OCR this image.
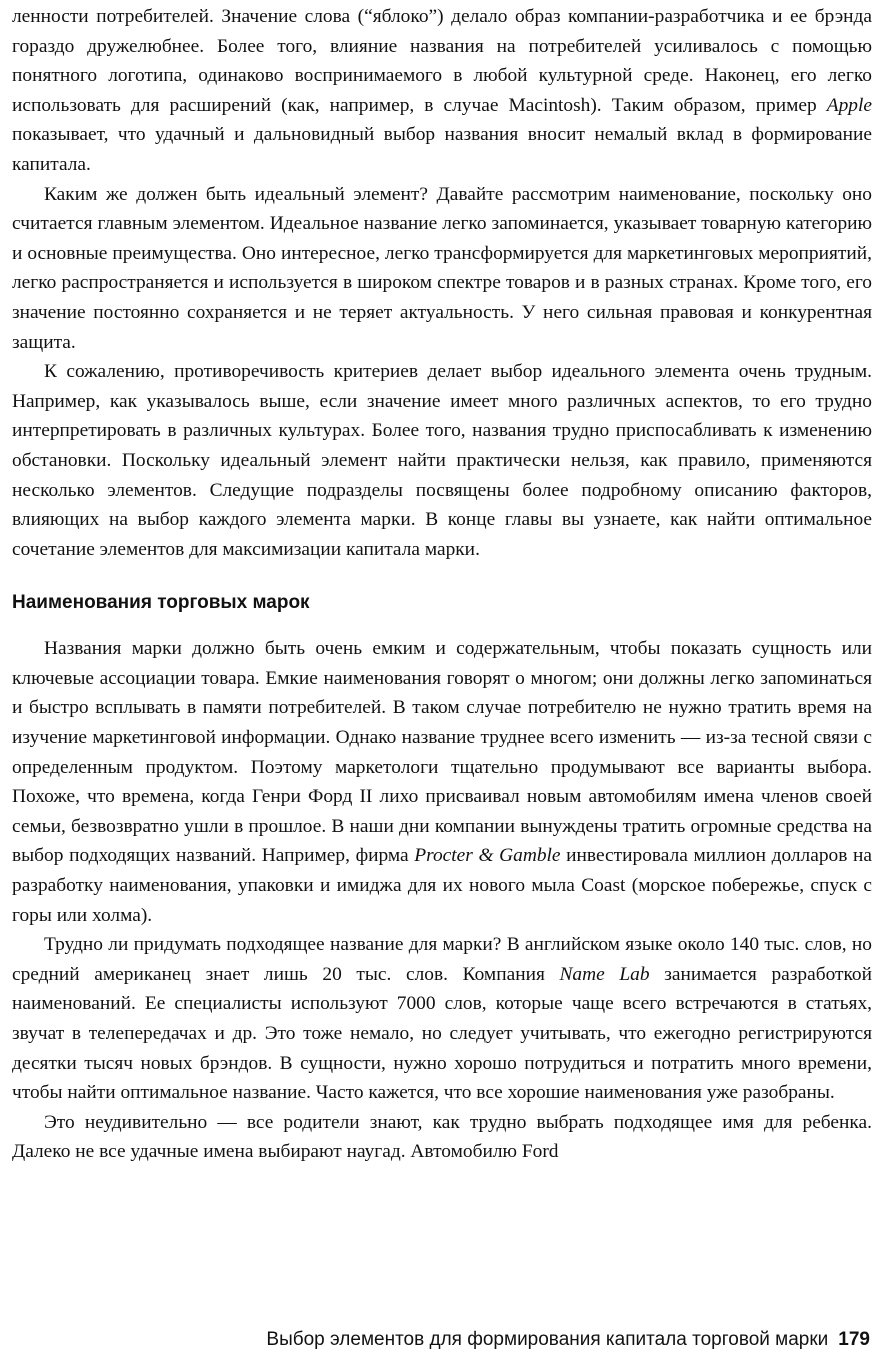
ленности потребителей. Значение слова (“яблоко”) делало образ компании-разработчика и ее брэнда гораздо дружелюбнее. Более того, влияние названия на потребителей усиливалось с помощью понятного логотипа, одинаково воспринимаемого в любой культурной среде. Наконец, его легко использовать для расширений (как, например, в случае Macintosh). Таким образом, пример Apple показывает, что удачный и дальновидный выбор названия вносит немалый вклад в формирование капитала.

Каким же должен быть идеальный элемент? Давайте рассмотрим наименование, поскольку оно считается главным элементом. Идеальное название легко запоминается, указывает товарную категорию и основные преимущества. Оно интересное, легко трансформируется для маркетинговых мероприятий, легко распространяется и используется в широком спектре товаров и в разных странах. Кроме того, его значение постоянно сохраняется и не теряет актуальность. У него сильная правовая и конкурентная защита.

К сожалению, противоречивость критериев делает выбор идеального элемента очень трудным. Например, как указывалось выше, если значение имеет много различных аспектов, то его трудно интерпретировать в различных культурах. Более того, названия трудно приспосабливать к изменению обстановки. Поскольку идеальный элемент найти практически нельзя, как правило, применяются несколько элементов. Следущие подразделы посвящены более подробному описанию факторов, влияющих на выбор каждого элемента марки. В конце главы вы узнаете, как найти оптимальное сочетание элементов для максимизации капитала марки.

Наименования торговых марок

Названия марки должно быть очень емким и содержательным, чтобы показать сущность или ключевые ассоциации товара. Емкие наименования говорят о многом; они должны легко запоминаться и быстро всплывать в памяти потребителей. В таком случае потребителю не нужно тратить время на изучение маркетинговой информации. Однако название труднее всего изменить — из-за тесной связи с определенным продуктом. Поэтому маркетологи тщательно продумывают все варианты выбора. Похоже, что времена, когда Генри Форд II лихо присваивал новым автомобилям имена членов своей семьи, безвозвратно ушли в прошлое. В наши дни компании вынуждены тратить огромные средства на выбор подходящих названий. Например, фирма Procter & Gamble инвестировала миллион долларов на разработку наименования, упаковки и имиджа для их нового мыла Coast (морское побережье, спуск с горы или холма).

Трудно ли придумать подходящее название для марки? В английском языке около 140 тыс. слов, но средний американец знает лишь 20 тыс. слов. Компания Name Lab занимается разработкой наименований. Ее специалисты используют 7000 слов, которые чаще всего встречаются в статьях, звучат в телепередачах и др. Это тоже немало, но следует учитывать, что ежегодно регистрируются десятки тысяч новых брэндов. В сущности, нужно хорошо потрудиться и потратить много времени, чтобы найти оптимальное название. Часто кажется, что все хорошие наименования уже разобраны.

Это неудивительно — все родители знают, как трудно выбрать подходящее имя для ребенка. Далеко не все удачные имена выбирают наугад. Автомобилю Ford

Выбор элементов для формирования капитала торговой марки 179
